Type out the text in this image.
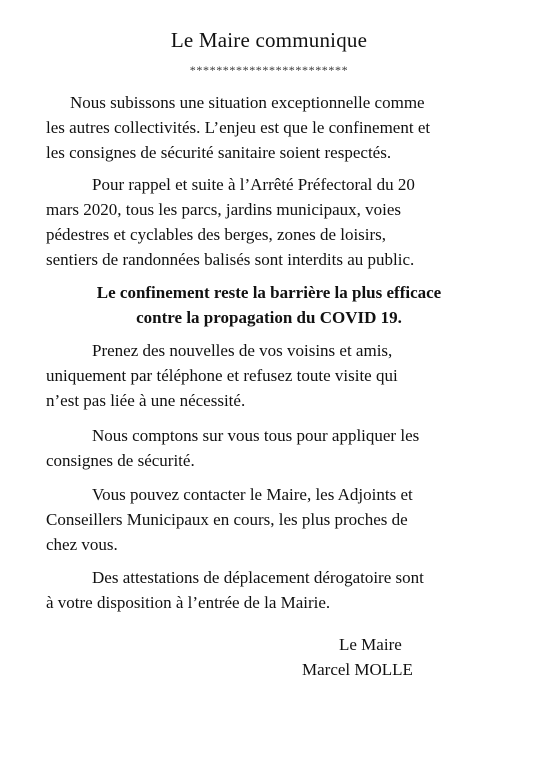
Le Maire communique
************************
Nous subissons une situation exceptionnelle comme
les autres collectivités. L’enjeu est que le confinement et
les consignes de sécurité sanitaire soient respectés.
Pour rappel et suite à l’Arrêté Préfectoral du 20
mars 2020, tous les parcs, jardins municipaux, voies
pédestres et cyclables des berges, zones de loisirs,
sentiers de randonnées balisés sont interdits au public.
Le confinement reste la barrière la plus efficace
contre la propagation du COVID 19.
Prenez des nouvelles de vos voisins et amis,
uniquement par téléphone et refusez toute visite qui
n’est pas liée à une nécessité.
Nous comptons sur vous tous pour appliquer les
consignes de sécurité.
Vous pouvez contacter le Maire, les Adjoints et
Conseillers Municipaux en cours, les plus proches de
chez vous.
Des attestations de déplacement dérogatoire sont
à votre disposition à l’entrée de la Mairie.
Le Maire
Marcel MOLLE
